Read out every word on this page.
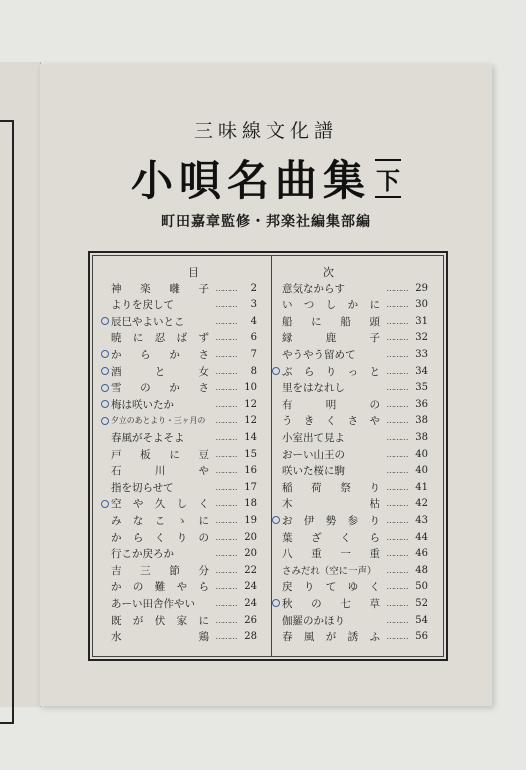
三味線文化譜
小唄名曲集 下
町田嘉章監修・邦楽社編集部編
目	次
神 楽 囃 子 ………	2
よりを戻して	………	3
辰巳やよいとこ	………	4
暁 に 忍 ば ず ………	6
か ら か さ ………	7
酒	と	女 ………	8
雪 の か さ ……… 10
梅は咲いたか	……… 12
夕立のあとより・三ヶ月の	……… 12
春風がそよそよ	……… 14
戸 板 に 豆 ……… 15
石	川	や ……… 16
指を切らせて	……… 17
空 や 久 し く ……… 18
み な こ ゝ に ……… 19
か ら く り の ……… 20
行こか戻ろか	……… 20
吉 三 節 分 ……… 22
か の 難 や ら ……… 24
あーい田舎作やい	……… 24
既 が 伏 家 に ……… 26
水	鶏 ……… 28
意気なからす	……… 29
い つ し か に ……… 30
船 に 船 頭 ……… 31
縁	鹿	子 ……… 32
やうやう留めて	……… 33
ぶ ら り っ と ……… 34
里をはなれし	……… 35
有	明	の ……… 36
う き く さ や ……… 38
小室出て見よ	……… 38
おーい山王の	……… 40
咲いた桜に駒	……… 40
稲 荷 祭 り ……… 41
木	枯 ……… 42
お 伊 勢 参 り ……… 43
葉 ざ く ら ……… 44
八 重 一 重 ……… 46
さみだれ（空に一声）	……… 48
戻 り て ゆ く ……… 50
秋 の 七 草 ……… 52
伽羅のかほり	……… 54
春 風 が 誘 ふ ……… 56
